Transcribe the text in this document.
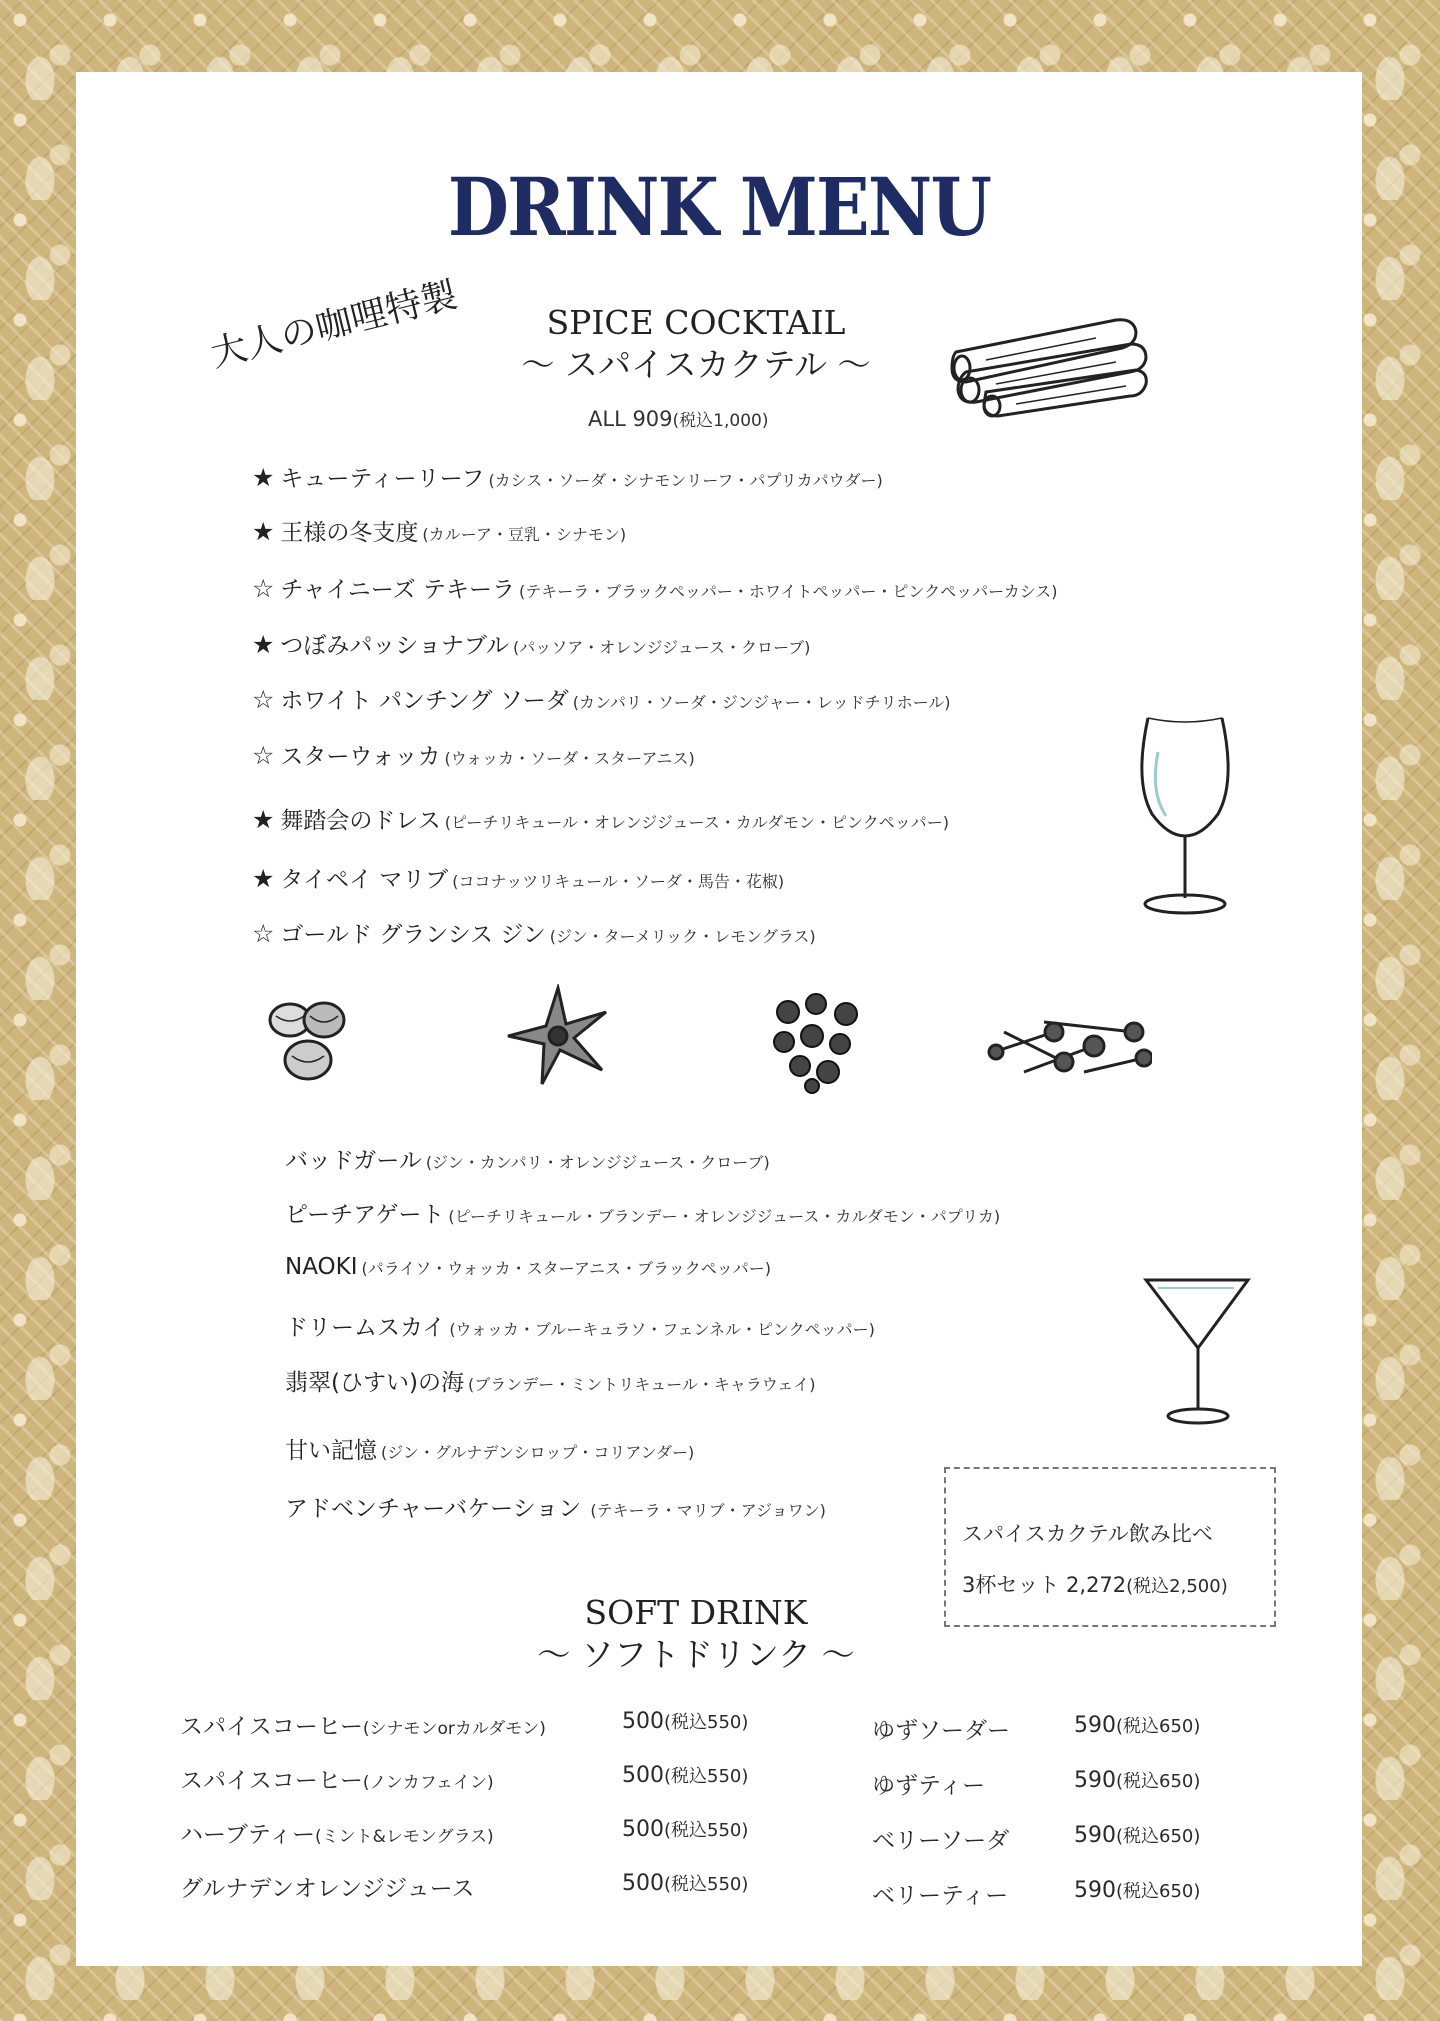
DRINK MENU
大人の咖哩特製	SPICE COCKTAIL
〜 スパイスカクテル 〜
ALL 909(税込1,000)
★ キューティーリーフ (カシス・ソーダ・シナモンリーフ・パプリカパウダー)
★ 王様の冬支度 (カルーア・豆乳・シナモン)
☆ チャイニーズ テキーラ (テキーラ・ブラックペッパー・ホワイトペッパー・ピンクペッパーカシス)
★ つぼみパッショナブル (パッソア・オレンジジュース・クローブ)
☆ ホワイト パンチング ソーダ (カンパリ・ソーダ・ジンジャー・レッドチリホール)
☆ スターウォッカ (ウォッカ・ソーダ・スターアニス)
★ 舞踏会のドレス (ピーチリキュール・オレンジジュース・カルダモン・ピンクペッパー)
★ タイペイ マリブ (ココナッツリキュール・ソーダ・馬告・花椒)
☆ ゴールド グランシス ジン (ジン・ターメリック・レモングラス)
バッドガール (ジン・カンパリ・オレンジジュース・クローブ)
ピーチアゲート (ピーチリキュール・ブランデー・オレンジジュース・カルダモン・パプリカ)
NAOKI (パライソ・ウォッカ・スターアニス・ブラックペッパー)
ドリームスカイ (ウォッカ・ブルーキュラソ・フェンネル・ピンクペッパー)
翡翠(ひすい)の海 (ブランデー・ミントリキュール・キャラウェイ)
甘い記憶 (ジン・グルナデンシロップ・コリアンダー)
アドベンチャーバケーション (テキーラ・マリブ・アジョワン)
スパイスカクテル飲み比べ
3杯セット 2,272(税込2,500)
SOFT DRINK
〜 ソフトドリンク 〜
スパイスコーヒー(シナモンorカルダモン)
スパイスコーヒー(ノンカフェイン)
ハーブティー(ミント&レモングラス)
グルナデンオレンジジュース
500(税込550)
500(税込550)
500(税込550)
500(税込550)
ゆずソーダー
ゆずティー
ベリーソーダ
ベリーティー
590(税込650)
590(税込650)
590(税込650)
590(税込650)
